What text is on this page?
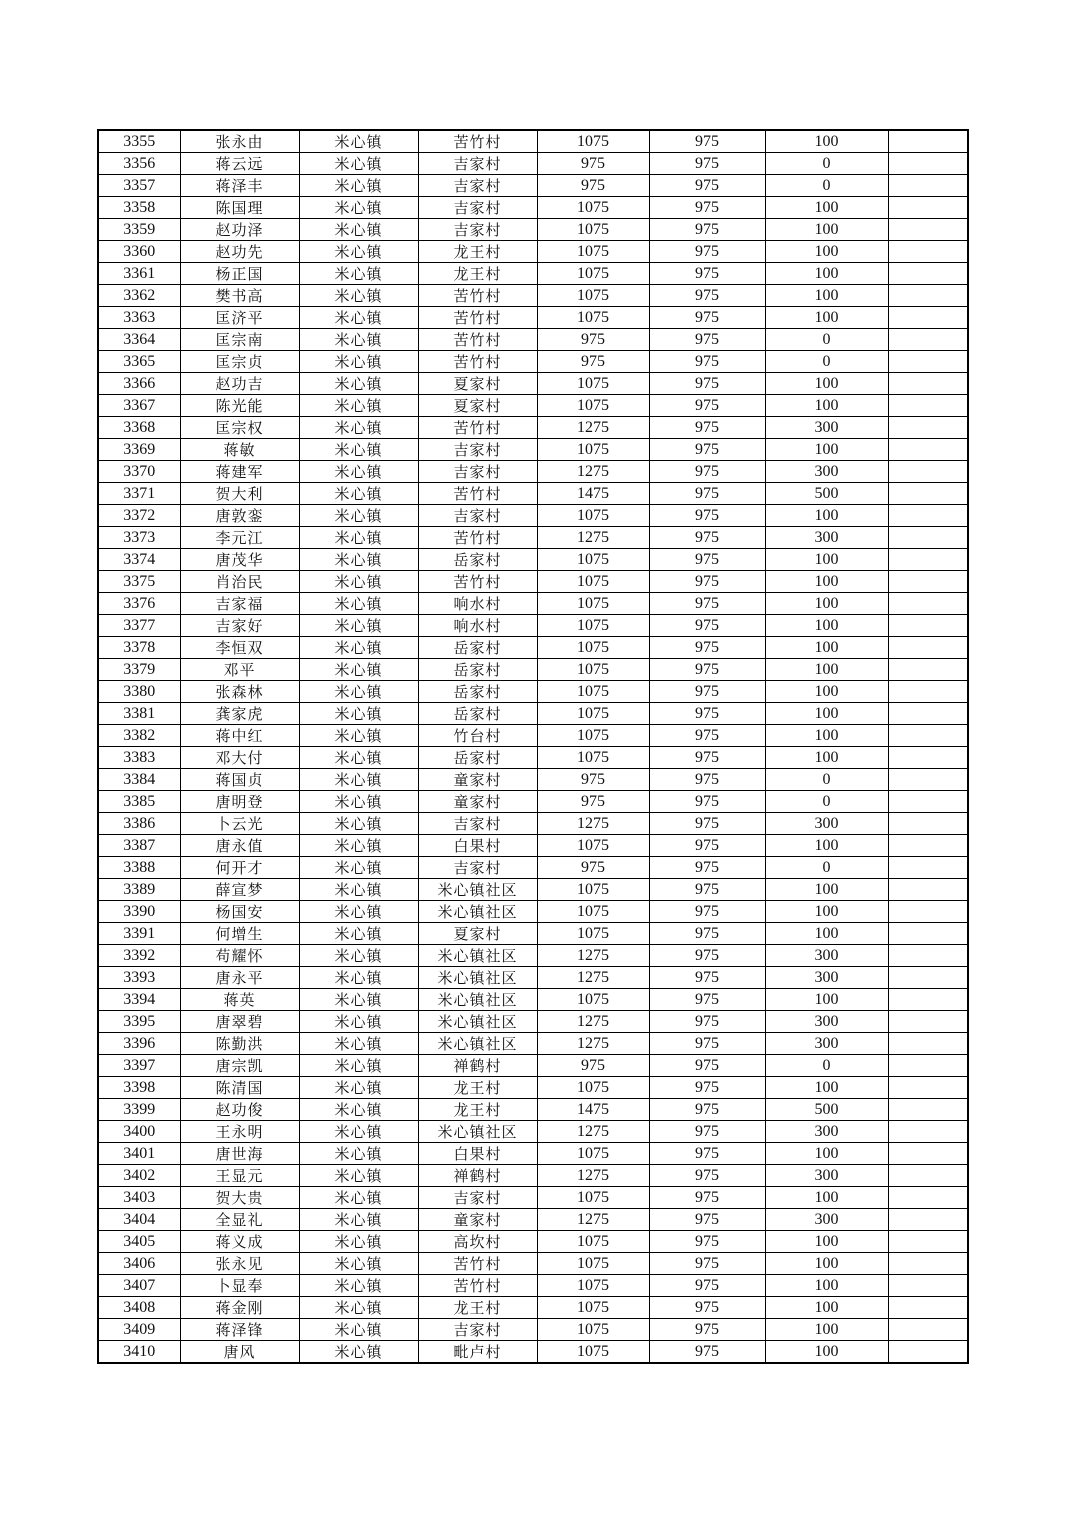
3355	张永由	米心镇	苦竹村	1075	975	100	
3356	蒋云远	米心镇	吉家村	975	975	0	
3357	蒋泽丰	米心镇	吉家村	975	975	0	
3358	陈国理	米心镇	吉家村	1075	975	100	
3359	赵功泽	米心镇	吉家村	1075	975	100	
3360	赵功先	米心镇	龙王村	1075	975	100	
3361	杨正国	米心镇	龙王村	1075	975	100	
3362	樊书高	米心镇	苦竹村	1075	975	100	
3363	匡济平	米心镇	苦竹村	1075	975	100	
3364	匡宗南	米心镇	苦竹村	975	975	0	
3365	匡宗贞	米心镇	苦竹村	975	975	0	
3366	赵功吉	米心镇	夏家村	1075	975	100	
3367	陈光能	米心镇	夏家村	1075	975	100	
3368	匡宗权	米心镇	苦竹村	1275	975	300	
3369	蒋敏	米心镇	吉家村	1075	975	100	
3370	蒋建军	米心镇	吉家村	1275	975	300	
3371	贺大利	米心镇	苦竹村	1475	975	500	
3372	唐敦銮	米心镇	吉家村	1075	975	100	
3373	李元江	米心镇	苦竹村	1275	975	300	
3374	唐茂华	米心镇	岳家村	1075	975	100	
3375	肖治民	米心镇	苦竹村	1075	975	100	
3376	吉家福	米心镇	响水村	1075	975	100	
3377	吉家好	米心镇	响水村	1075	975	100	
3378	李恒双	米心镇	岳家村	1075	975	100	
3379	邓平	米心镇	岳家村	1075	975	100	
3380	张森林	米心镇	岳家村	1075	975	100	
3381	龚家虎	米心镇	岳家村	1075	975	100	
3382	蒋中红	米心镇	竹台村	1075	975	100	
3383	邓大付	米心镇	岳家村	1075	975	100	
3384	蒋国贞	米心镇	童家村	975	975	0	
3385	唐明登	米心镇	童家村	975	975	0	
3386	卜云光	米心镇	吉家村	1275	975	300	
3387	唐永值	米心镇	白果村	1075	975	100	
3388	何开才	米心镇	吉家村	975	975	0	
3389	薛宣梦	米心镇	米心镇社区	1075	975	100	
3390	杨国安	米心镇	米心镇社区	1075	975	100	
3391	何增生	米心镇	夏家村	1075	975	100	
3392	苟耀怀	米心镇	米心镇社区	1275	975	300	
3393	唐永平	米心镇	米心镇社区	1275	975	300	
3394	蒋英	米心镇	米心镇社区	1075	975	100	
3395	唐翠碧	米心镇	米心镇社区	1275	975	300	
3396	陈勤洪	米心镇	米心镇社区	1275	975	300	
3397	唐宗凯	米心镇	禅鹤村	975	975	0	
3398	陈清国	米心镇	龙王村	1075	975	100	
3399	赵功俊	米心镇	龙王村	1475	975	500	
3400	王永明	米心镇	米心镇社区	1275	975	300	
3401	唐世海	米心镇	白果村	1075	975	100	
3402	王显元	米心镇	禅鹤村	1275	975	300	
3403	贺大贵	米心镇	吉家村	1075	975	100	
3404	全显礼	米心镇	童家村	1275	975	300	
3405	蒋义成	米心镇	高坎村	1075	975	100	
3406	张永见	米心镇	苦竹村	1075	975	100	
3407	卜显奉	米心镇	苦竹村	1075	975	100	
3408	蒋金刚	米心镇	龙王村	1075	975	100	
3409	蒋泽锋	米心镇	吉家村	1075	975	100	
3410	唐风	米心镇	毗卢村	1075	975	100	
